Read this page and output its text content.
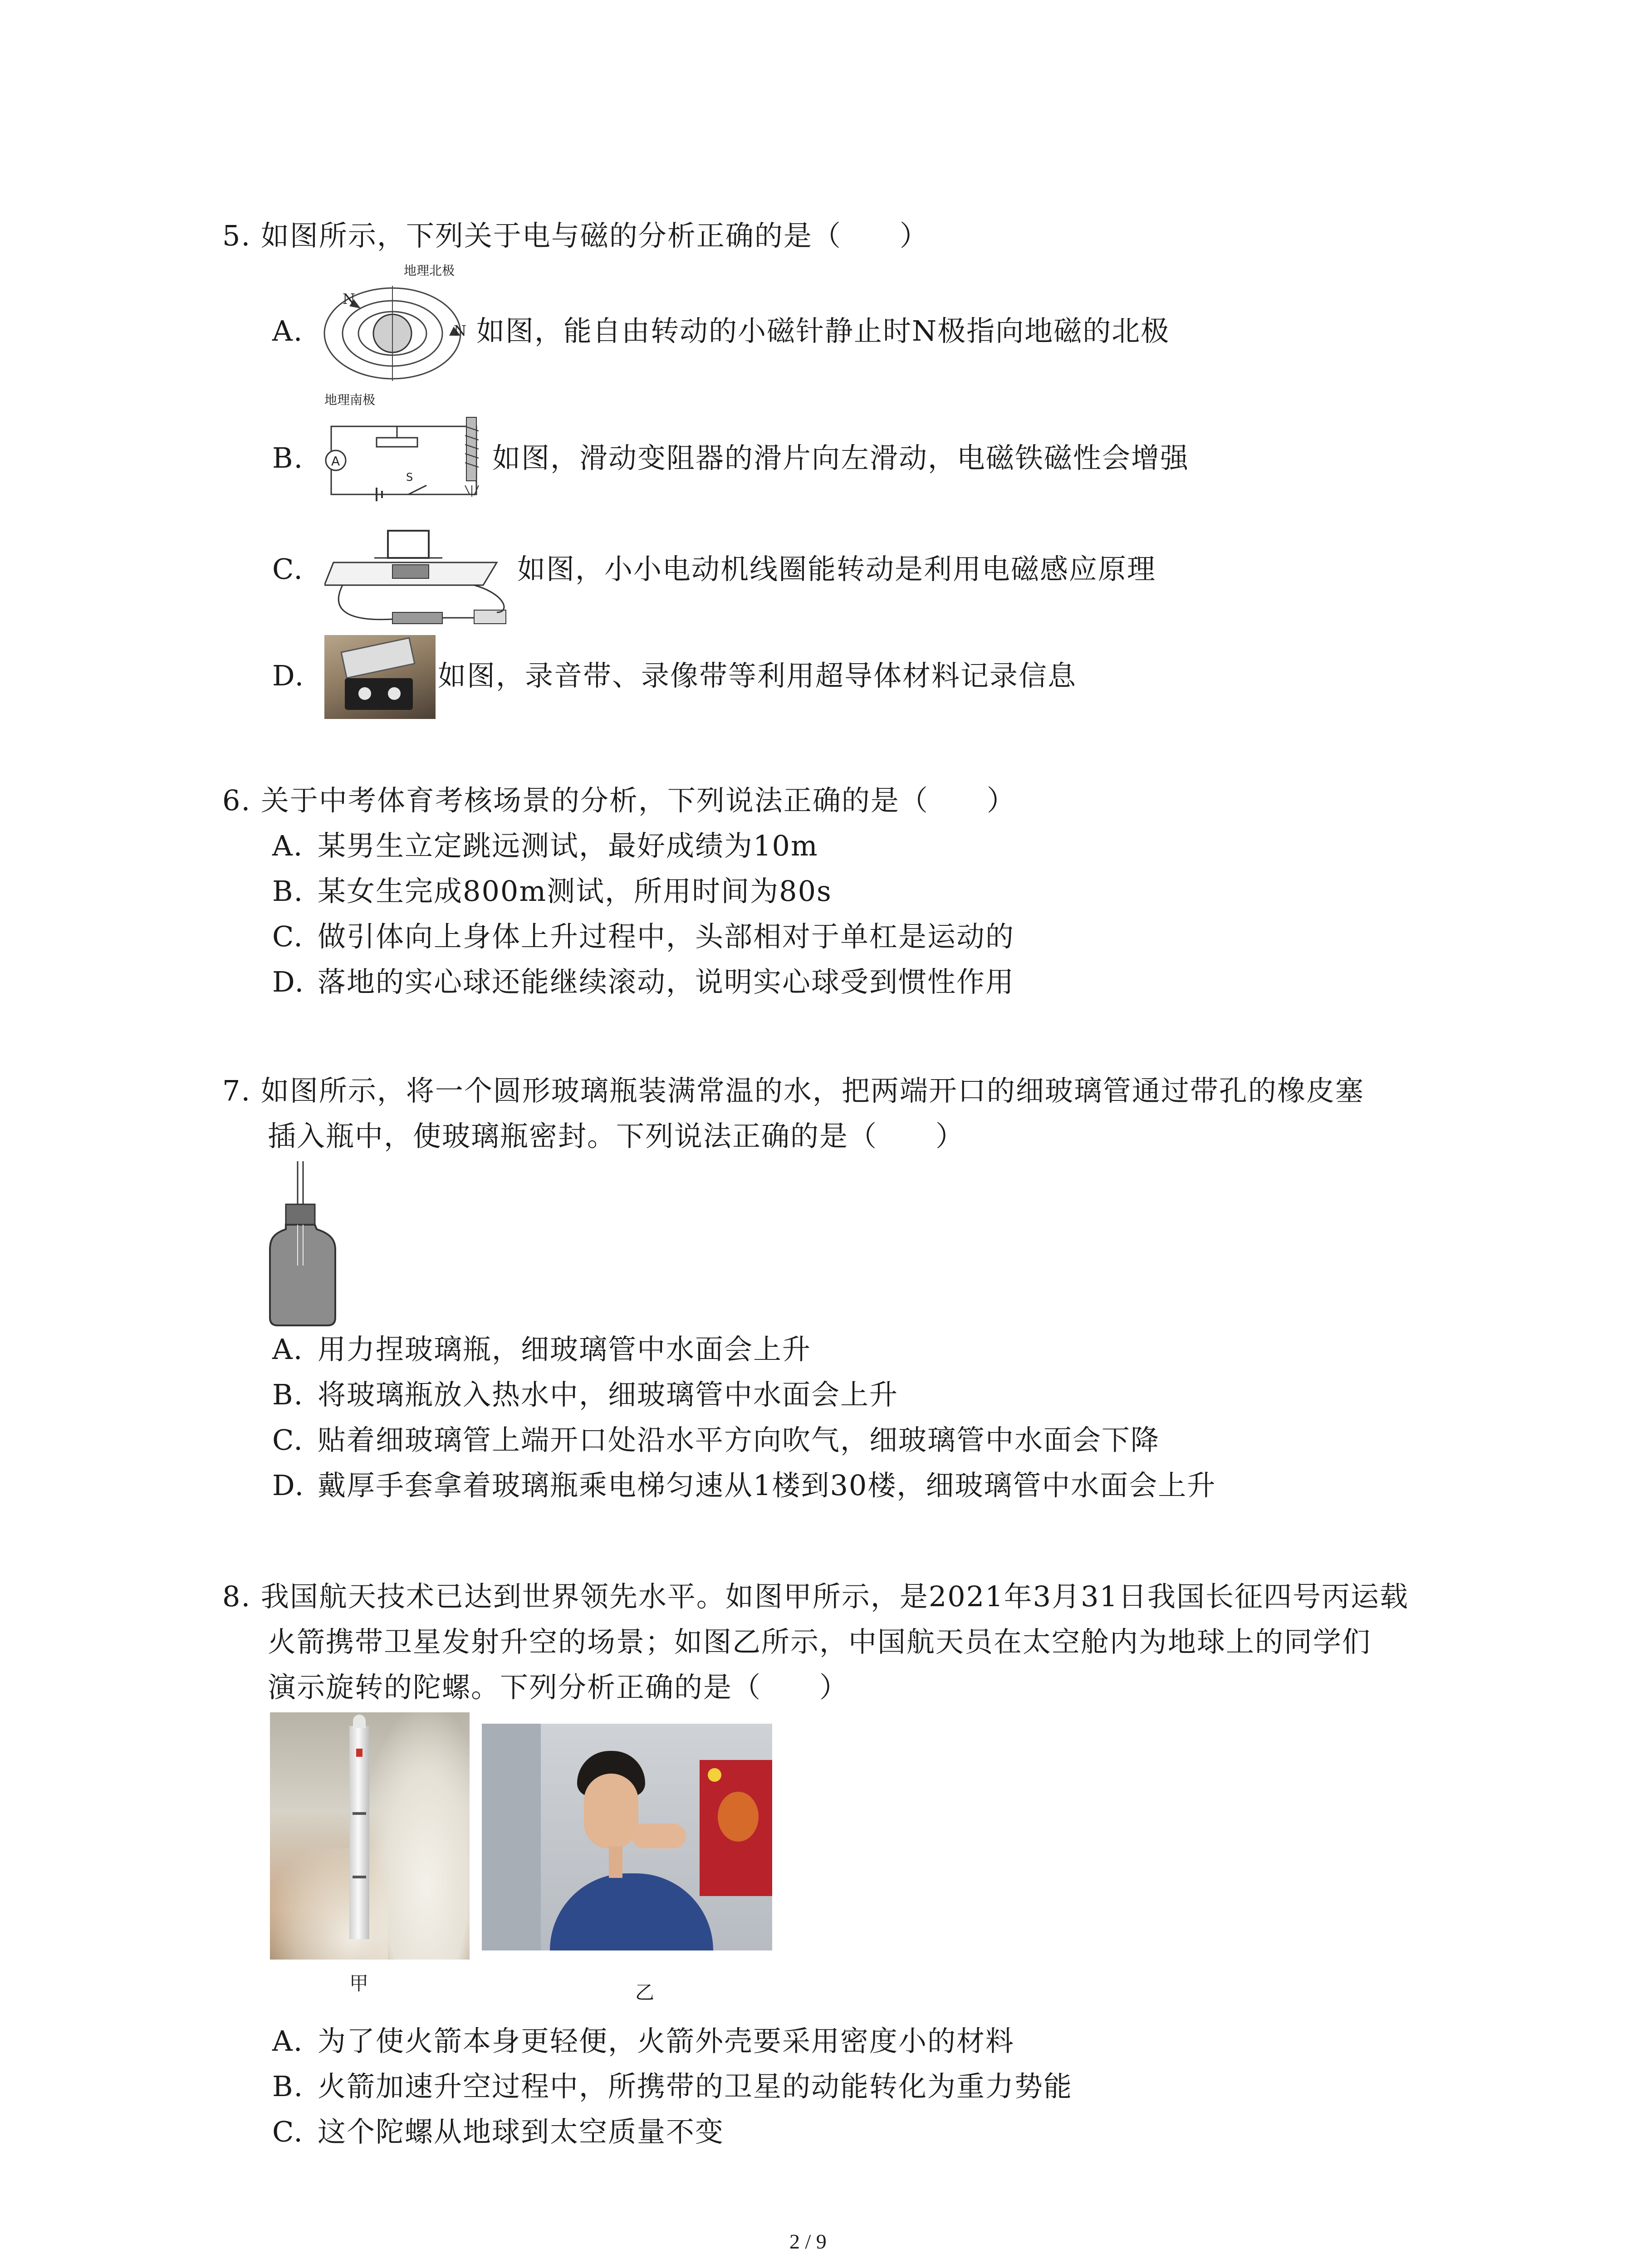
5. 如图所示，下列关于电与磁的分析正确的是（　　）
A.
N
N
地理北极
地理南极
如图，能自由转动的小磁针静止时N极指向地磁的北极
B. A
S
如图，滑动变阻器的滑片向左滑动，电磁铁磁性会增强
C.	如图，小小电动机线圈能转动是利用电磁感应原理
D.	如图，录音带、录像带等利用超导体材料记录信息
6. 关于中考体育考核场景的分析，下列说法正确的是（　　）
A. 某男生立定跳远测试，最好成绩为10m
B. 某女生完成800m测试，所用时间为80s
C. 做引体向上身体上升过程中，头部相对于单杠是运动的
D. 落地的实心球还能继续滚动，说明实心球受到惯性作用
7. 如图所示，将一个圆形玻璃瓶装满常温的水，把两端开口的细玻璃管通过带孔的橡皮塞
插入瓶中，使玻璃瓶密封。下列说法正确的是（　　）
A. 用力捏玻璃瓶，细玻璃管中水面会上升
B. 将玻璃瓶放入热水中，细玻璃管中水面会上升
C. 贴着细玻璃管上端开口处沿水平方向吹气，细玻璃管中水面会下降
D. 戴厚手套拿着玻璃瓶乘电梯匀速从1楼到30楼，细玻璃管中水面会上升
8. 我国航天技术已达到世界领先水平。如图甲所示，是2021年3月31日我国长征四号丙运载
火箭携带卫星发射升空的场景；如图乙所示，中国航天员在太空舱内为地球上的同学们
演示旋转的陀螺。下列分析正确的是（　　）
甲	乙
A. 为了使火箭本身更轻便，火箭外壳要采用密度小的材料
B. 火箭加速升空过程中，所携带的卫星的动能转化为重力势能
C. 这个陀螺从地球到太空质量不变
2 / 9
